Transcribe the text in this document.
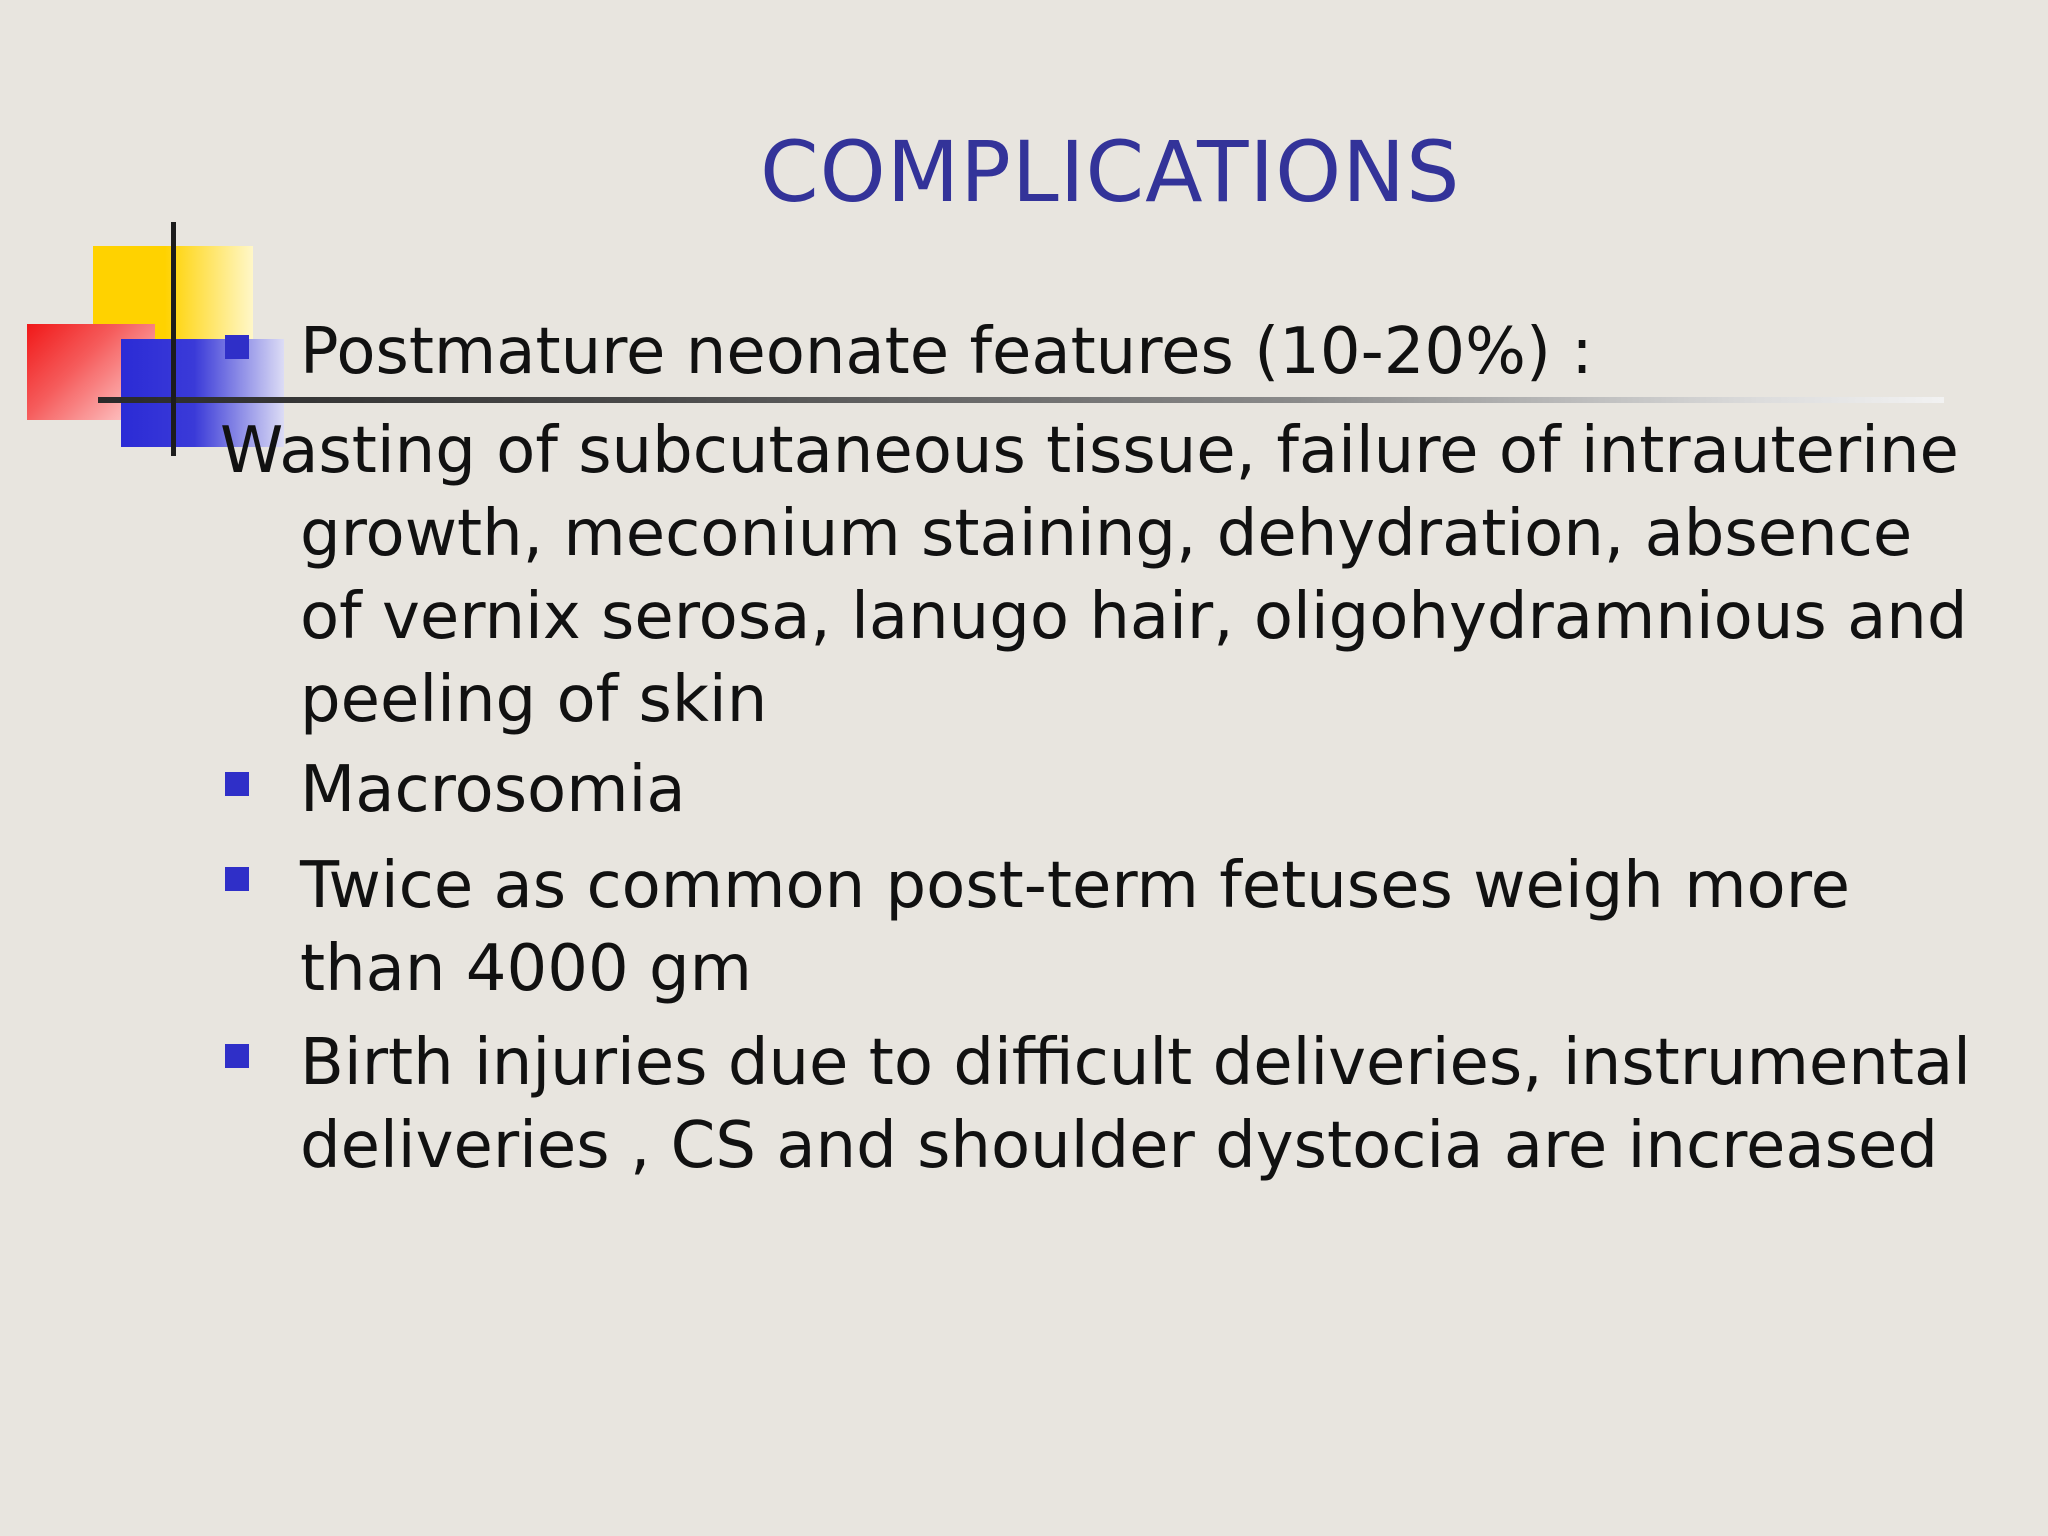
COMPLICATIONS

Postmature neonate features (10-20%) :

Wasting of subcutaneous tissue, failure of intrauterine
growth, meconium staining, dehydration, absence
of vernix serosa, lanugo hair, oligohydramnious and
peeling of skin

Macrosomia

Twice as common post-term fetuses weigh more
than 4000 gm

Birth injuries due to difficult deliveries, instrumental
deliveries , CS and shoulder dystocia are increased
